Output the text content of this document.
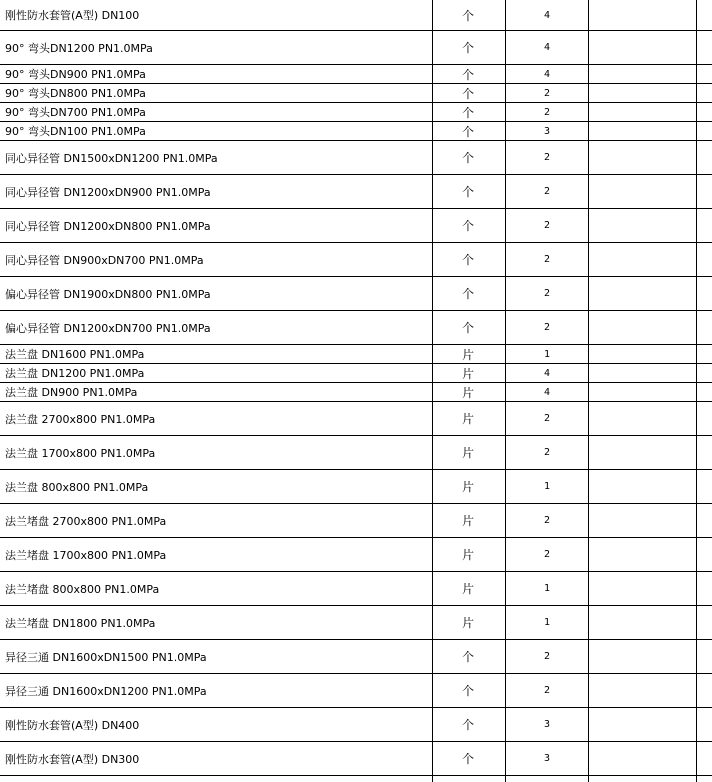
刚性防水套管(A型) DN100	个	4
90° 弯头DN1200 PN1.0MPa	个	4
90° 弯头DN900 PN1.0MPa	个	4
90° 弯头DN800 PN1.0MPa	个	2
90° 弯头DN700 PN1.0MPa	个	2
90° 弯头DN100 PN1.0MPa	个	3
同心异径管 DN1500xDN1200 PN1.0MPa	个	2
同心异径管 DN1200xDN900 PN1.0MPa	个	2
同心异径管 DN1200xDN800 PN1.0MPa	个	2
同心异径管 DN900xDN700 PN1.0MPa	个	2
偏心异径管 DN1900xDN800 PN1.0MPa	个	2
偏心异径管 DN1200xDN700 PN1.0MPa	个	2
法兰盘 DN1600 PN1.0MPa	片	1
法兰盘 DN1200 PN1.0MPa	片	4
法兰盘 DN900 PN1.0MPa	片	4
法兰盘 2700x800 PN1.0MPa	片	2
法兰盘 1700x800 PN1.0MPa	片	2
法兰盘 800x800 PN1.0MPa	片	1
法兰堵盘 2700x800 PN1.0MPa	片	2
法兰堵盘 1700x800 PN1.0MPa	片	2
法兰堵盘 800x800 PN1.0MPa	片	1
法兰堵盘 DN1800 PN1.0MPa	片	1
异径三通 DN1600xDN1500 PN1.0MPa	个	2
异径三通 DN1600xDN1200 PN1.0MPa	个	2
刚性防水套管(A型) DN400	个	3
刚性防水套管(A型) DN300	个	3
